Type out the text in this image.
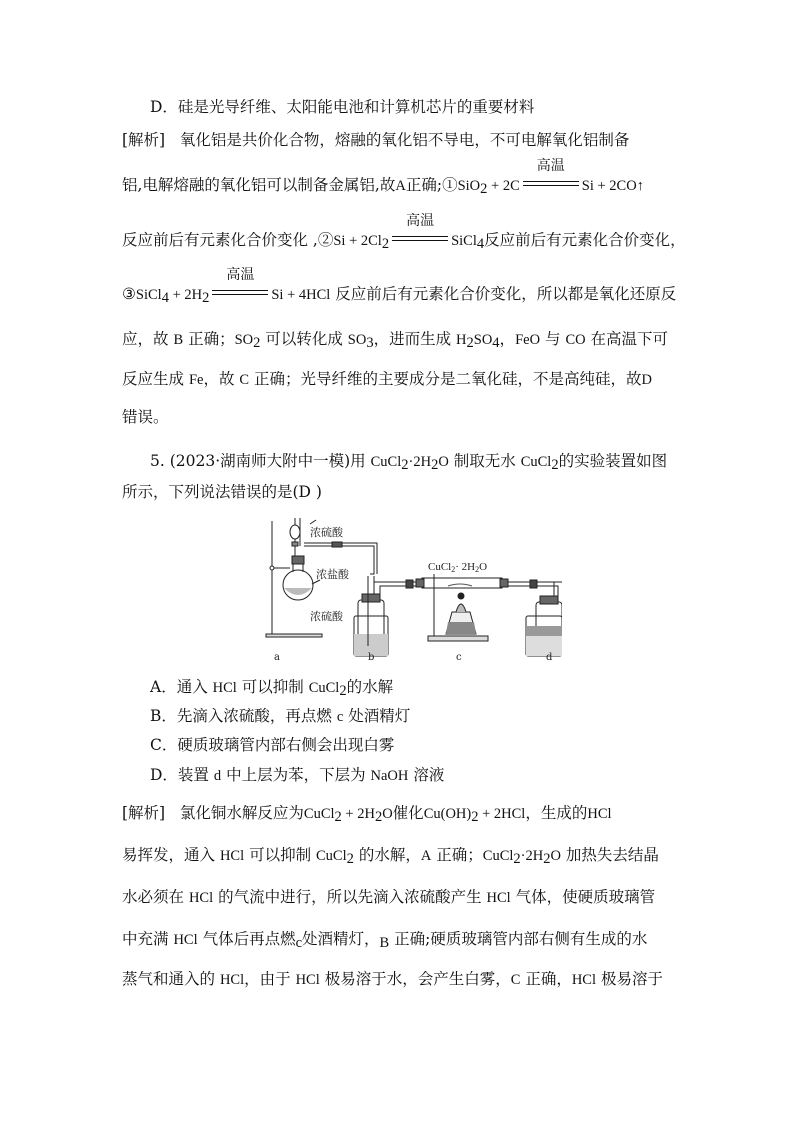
D．硅是光导纤维、太阳能电池和计算机芯片的重要材料
[解析] 氧化铝是共价化合物，熔融的氧化铝不导电，不可电解氧化铝制备
铝,电解熔融的氧化铝可以制备金属铝,故A正确;①SiO$_2$ + 2C
高温
Si + 2CO↑
反应前后有元素化合价变化 ,②Si + $2Cl_2$
高温
SiCl$_4$反应前后有元素化合价变化，
③SiCl$_4$ + $2H_2$
高温
Si + 4HCl 反应前后有元素化合价变化，所以都是氧化还原反
应，故 B 正确；$SO_2$ 可以转化成 $SO_3$，进而生成 $H_2SO_4$，FeO 与 CO 在高温下可
反应生成 Fe，故 C 正确；光导纤维的主要成分是二氧化硅，不是高纯硅，故D
错误。
5. (2023·湖南师大附中一模)用 $CuCl_2\cdot 2H_2O$ 制取无水 CuCl$_2$的实验装置如图
所示，下列说法错误的是(D )
浓硫酸
浓盐酸
浓硫酸
CuCl2· 2H2O
a	b	c	d
A．通入 HCl 可以抑制 CuCl$_2$的水解
B．先滴入浓硫酸，再点燃 c 处酒精灯
C．硬质玻璃管内部右侧会出现白雾
D．装置 d 中上层为苯，下层为 NaOH 溶液
[解析] 氯化铜水解反应为CuCl$_2$ + $2H_2O$催化$Cu(OH)_2 + 2HCl$，生成的HCl
易挥发，通入 HCl 可以抑制 CuCl$_2$ 的水解，A 正确；$CuCl_2\cdot 2H_2O$ 加热失去结晶
水必须在 HCl 的气流中进行，所以先滴入浓硫酸产生 HCl 气体，使硬质玻璃管
中充满 HCl 气体后再点燃$_c$处酒精灯，$_B$ 正确;硬质玻璃管内部右侧有生成的水
蒸气和通入的 HCl，由于 HCl 极易溶于水，会产生白雾，C 正确，HCl 极易溶于
